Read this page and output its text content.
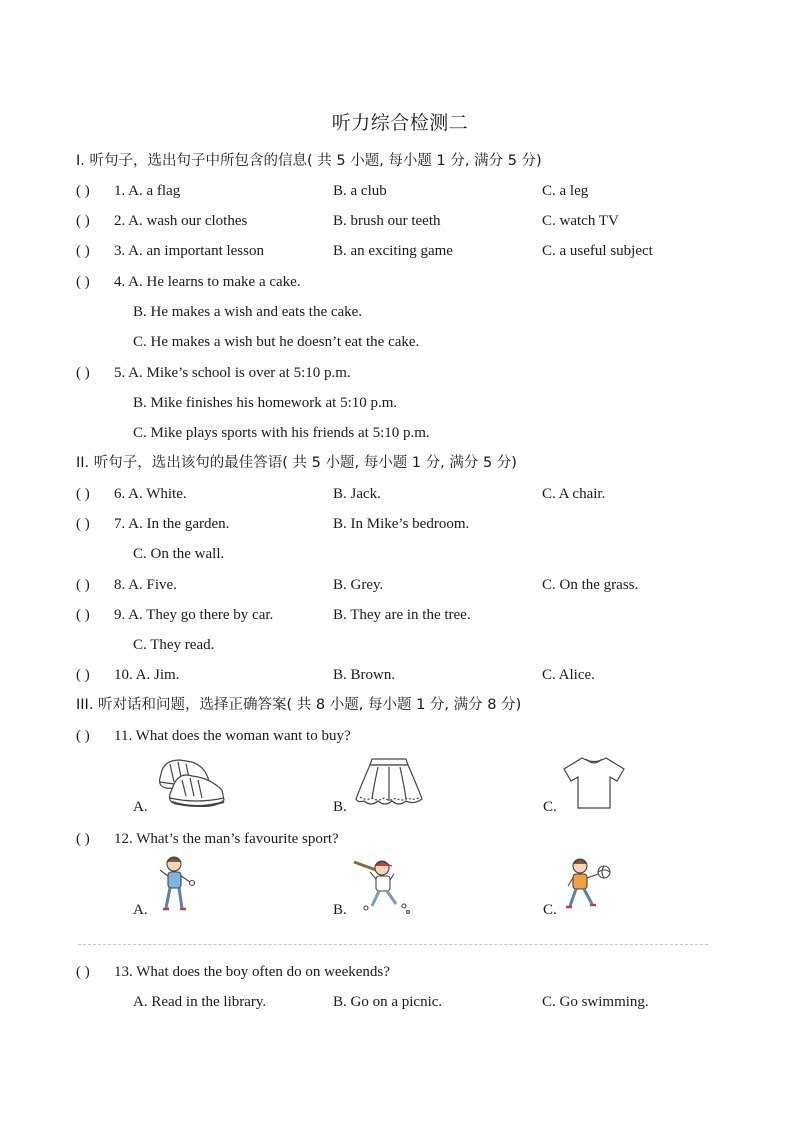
听力综合检测二
I. 听句子，选出句子中所包含的信息( 共 5 小题, 每小题 1 分, 满分 5 分)
( ) 1. A. a flag	B. a club	C. a leg
( ) 2. A. wash our clothes	B. brush our teeth	C. watch TV
( ) 3. A. an important lesson	B. an exciting game	C. a useful subject
( ) 4. A. He learns to make a cake.
B. He makes a wish and eats the cake.
C. He makes a wish but he doesn’t eat the cake.
( ) 5. A. Mike’s school is over at 5:10 p.m.
B. Mike finishes his homework at 5:10 p.m.
C. Mike plays sports with his friends at 5:10 p.m.
II. 听句子，选出该句的最佳答语( 共 5 小题, 每小题 1 分, 满分 5 分)
( ) 6. A. White.	B. Jack.	C. A chair.
( ) 7. A. In the garden.	B. In Mike’s bedroom.
C. On the wall.
( ) 8. A. Five.	B. Grey.	C. On the grass.
( ) 9. A. They go there by car.	B. They are in the tree.
C. They read.
( ) 10. A. Jim.	B. Brown.	C. Alice.
III. 听对话和问题，选择正确答案( 共 8 小题, 每小题 1 分, 满分 8 分)
( ) 11. What does the woman want to buy?
A.	B.	C.
( ) 12. What’s the man’s favourite sport?
A.	B.	C.
( ) 13. What does the boy often do on weekends?
A. Read in the library.	B. Go on a picnic.	C. Go swimming.
